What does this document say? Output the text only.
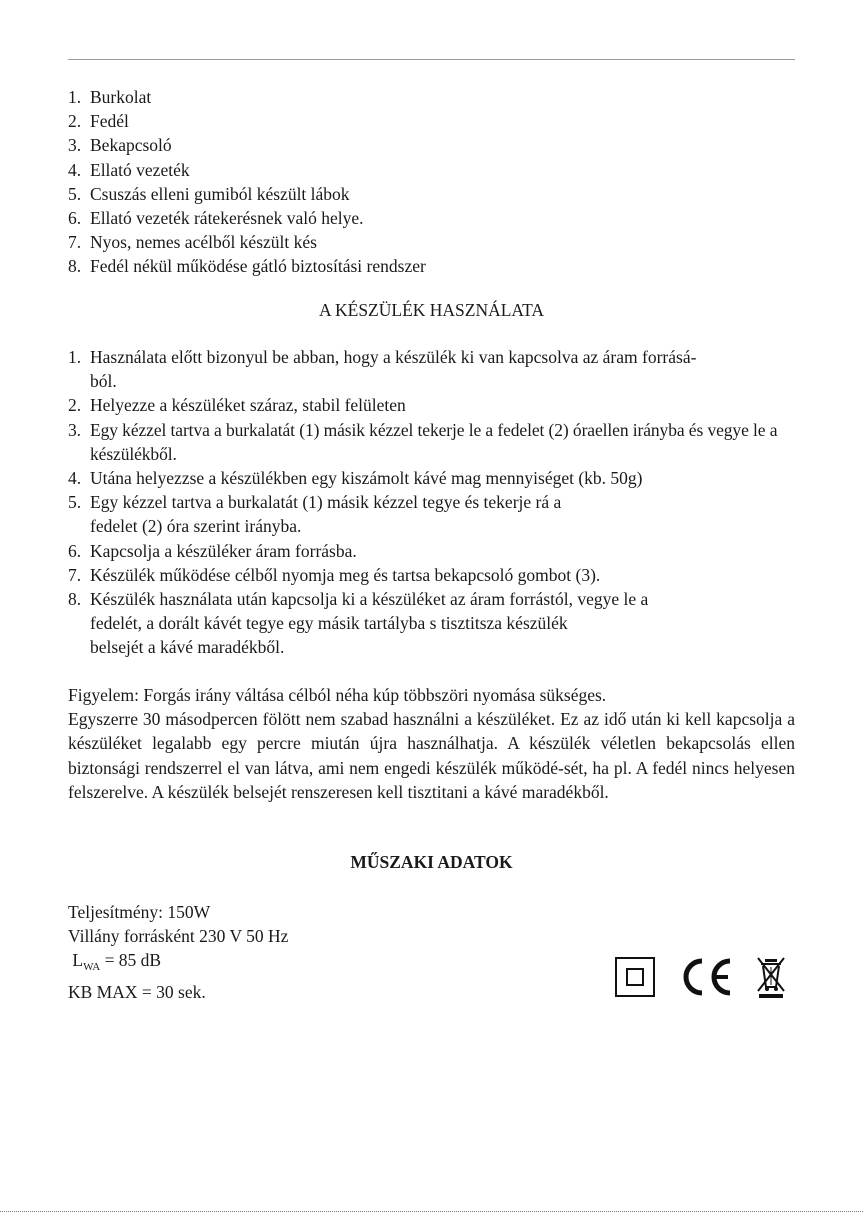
1. Burkolat
2. Fedél
3. Bekapcsoló
4. Ellató vezeték
5. Csuszás elleni gumiból készült lábok
6. Ellató vezeték rátekerésnek való helye.
7. Nyos, nemes acélből készült kés
8. Fedél nékül működése gátló biztosítási rendszer
A KÉSZÜLÉK HASZNÁLATA
1. Használata előtt bizonyul be abban, hogy a készülék ki van kapcsolva az áram forrásá-
ból.
2. Helyezze a készüléket száraz, stabil felületen
3. Egy kézzel tartva a burkalatát (1) másik kézzel tekerje le a fedelet (2) óraellen irányba és vegye le a készülékből.
4. Utána helyezzse a készülékben egy kiszámolt kávé mag mennyiséget (kb. 50g)
5. Egy kézzel tartva a burkalatát (1) másik kézzel tegye és tekerje rá a
fedelet (2) óra szerint irányba.
6. Kapcsolja a készüléker áram forrásba.
7. Készülék működése célből nyomja meg és tartsa bekapcsoló gombot (3).
8. Készülék használata után kapcsolja ki a készüléket az áram forrástól, vegye le a
fedelét, a dorált kávét tegye egy másik tartályba s tisztitsza készülék
belsejét a kávé maradékből.

Figyelem: Forgás irány váltása célból néha kúp többszöri nyomása sükséges.

Egyszerre 30 másodpercen fölött nem szabad használni a készüléket. Ez az idő után ki kell kapcsolja a készüléket legalabb egy percre miután újra használhatja. A készülék véletlen bekapcsolás ellen biztonsági rendszerrel el van látva, ami nem engedi készülék működé-sét, ha pl. A fedél nincs helyesen felszerelve. A készülék belsejét renszeresen kell tisztitani a kávé maradékből.

MŰSZAKI ADATOK
Teljesítmény: 150W
Villány forrásként 230 V 50 Hz
$L_{WA} = 85$ dB
KB MAX = 30 sek.
